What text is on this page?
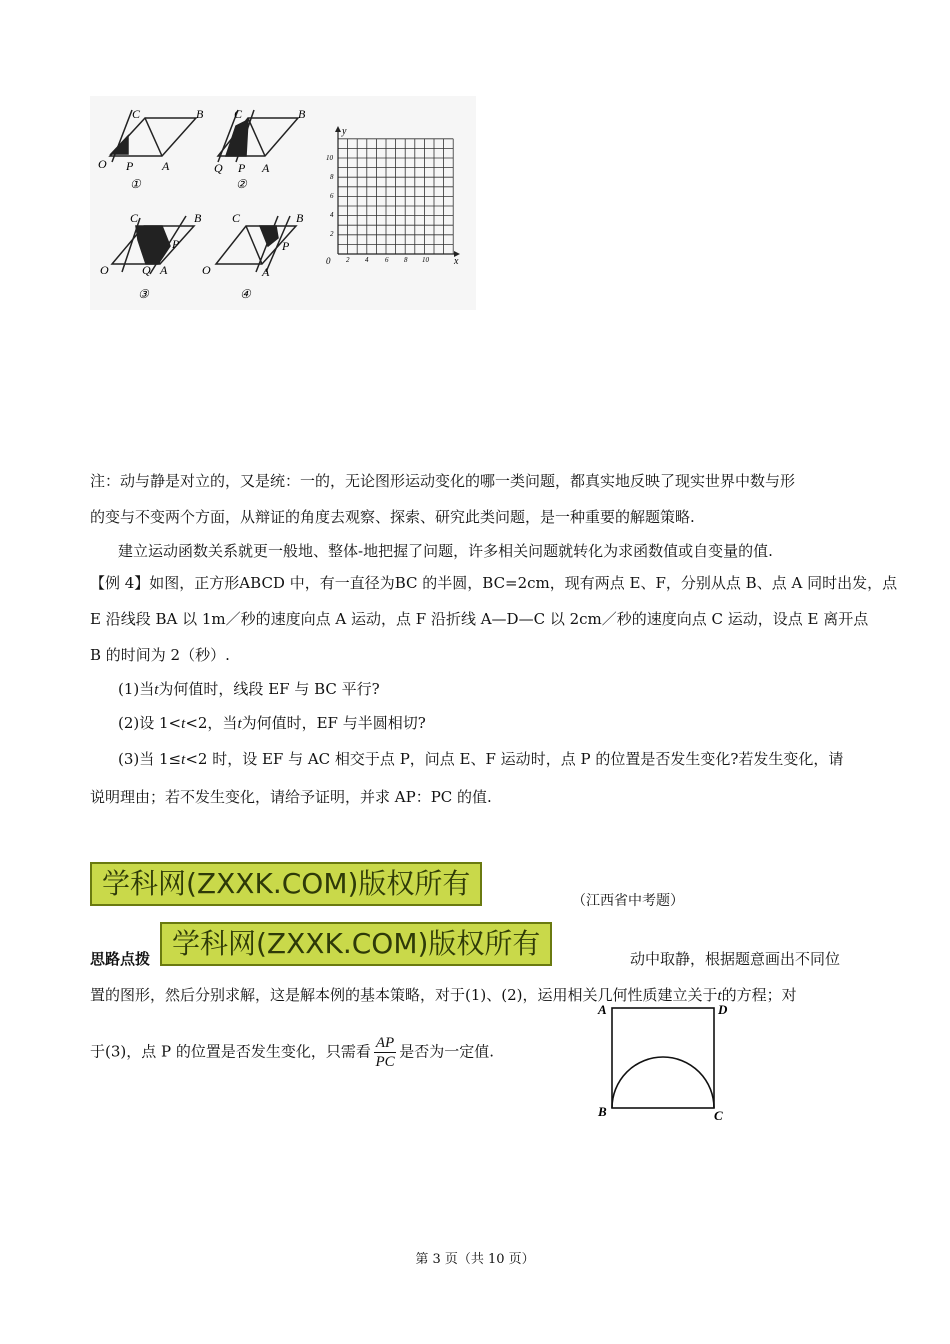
C	B
O P A
①
C	B
Q P A
②
C	B
O
P
Q A
③
C	B
O
P
A
④
y
x
0 2 4 6 8 10
2
4
6
8
10
注：动与静是对立的，又是统：一的，无论图形运动变化的哪一类问题，都真实地反映了现实世界中数与形
的变与不变两个方面，从辩证的角度去观察、探索、研究此类问题，是一种重要的解题策略.
建立运动函数关系就更一般地、整体-地把握了问题，许多相关问题就转化为求函数值或自变量的值.
【例 4】如图，正方形ABCD 中，有一直径为BC 的半圆，BC=2cm，现有两点 E、F，分别从点 B、点 A 同时出发，点
E 沿线段 BA 以 1m／秒的速度向点 A 运动，点 F 沿折线 A—D—C 以 2cm／秒的速度向点 C 运动，设点 E 离开点
B 的时间为 2（秒）.
(1)当t为何值时，线段 EF 与 BC 平行?
(2)设 1<t<2，当t为何值时，EF 与半圆相切?
(3)当 1≤t<2 时，设 EF 与 AC 相交于点 P，问点 E、F 运动时，点 P 的位置是否发生变化?若发生变化，请
说明理由；若不发生变化，请给予证明，并求 AP：PC 的值.
学科网(ZXXK.COM)版权所有
（江西省中考题）
思路点拨 学科网(ZXXK.COM)版权所有	动中取静，根据题意画出不同位
置的图形，然后分别求解，这是解本例的基本策略，对于(1)、(2)，运用相关几何性质建立关于t的方程；对
于(3)，点 P 的位置是否发生变化，只需看 $\frac{AP}{PC}$ 是否为一定值.
A	D
B	C
第 3 页（共 10 页）
